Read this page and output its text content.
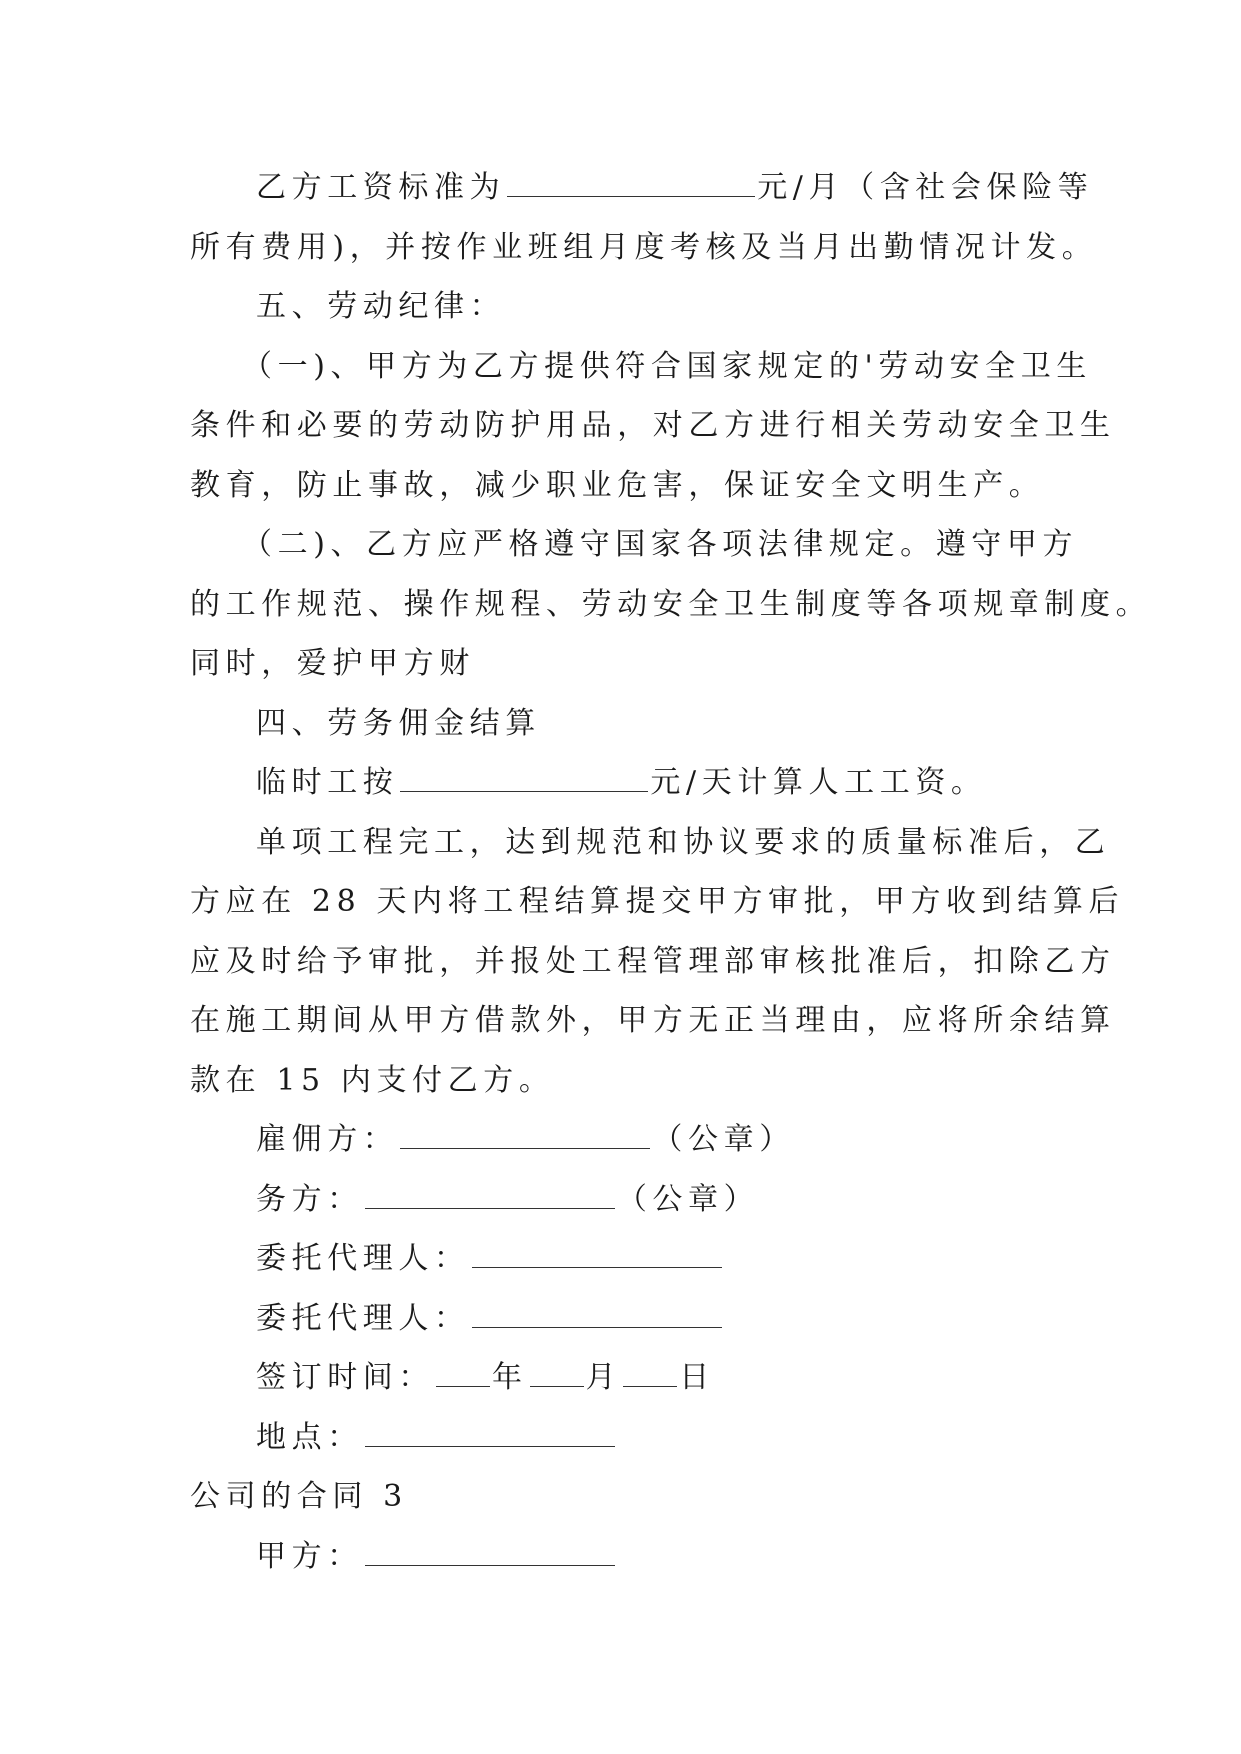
乙方工资标准为	元/月（含社会保险等
所有费用)，并按作业班组月度考核及当月出勤情况计发。
五、劳动纪律：
（一)、甲方为乙方提供符合国家规定的'劳动安全卫生
条件和必要的劳动防护用品，对乙方进行相关劳动安全卫生
教育，防止事故，减少职业危害，保证安全文明生产。
（二)、乙方应严格遵守国家各项法律规定。遵守甲方
的工作规范、操作规程、劳动安全卫生制度等各项规章制度。
同时，爱护甲方财
四、劳务佣金结算
临时工按	元/天计算人工工资。
单项工程完工，达到规范和协议要求的质量标准后，乙
方应在 28 天内将工程结算提交甲方审批，甲方收到结算后
应及时给予审批，并报处工程管理部审核批准后，扣除乙方
在施工期间从甲方借款外，甲方无正当理由，应将所余结算
款在 15 内支付乙方。
雇佣方：	（公章）
务方：	（公章）
委托代理人：
委托代理人：
签订时间： 年 月 日
地点：
公司的合同 3
甲方：
